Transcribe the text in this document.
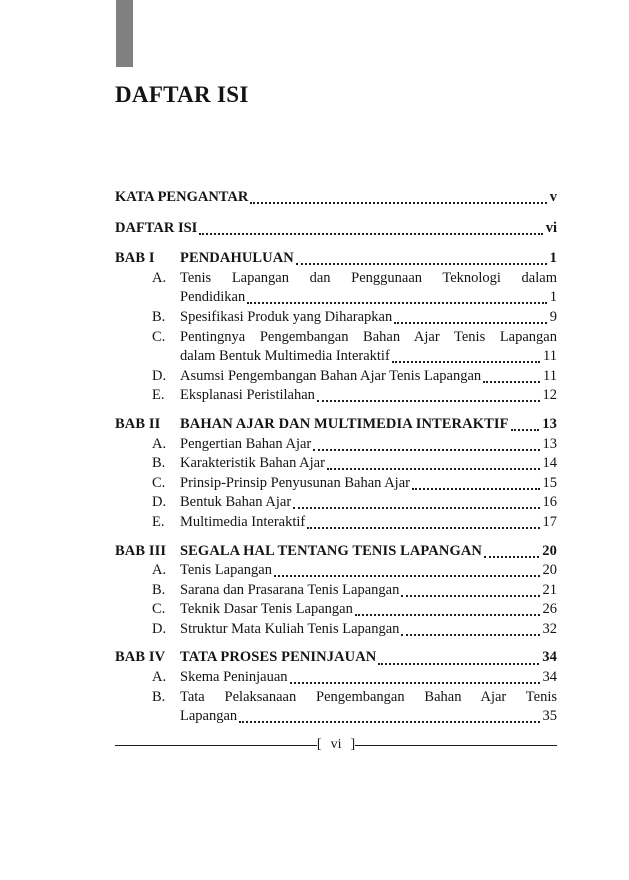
DAFTAR ISI
KATA PENGANTAR	v
DAFTAR ISI	vi
BAB I	PENDAHULUAN	1
A. Tenis Lapangan dan Penggunaan Teknologi dalam
Pendidikan	1
B.	Spesifikasi Produk yang Diharapkan	9
C.	Pentingnya Pengembangan Bahan Ajar Tenis Lapangan
dalam Bentuk Multimedia Interaktif	11
D. Asumsi Pengembangan Bahan Ajar Tenis Lapangan	11
E.	Eksplanasi Peristilahan	12
BAB II	BAHAN AJAR DAN MULTIMEDIA INTERAKTIF 13
A. Pengertian Bahan Ajar	13
B.	Karakteristik Bahan Ajar	14
C.	Prinsip-Prinsip Penyusunan Bahan Ajar	15
D. Bentuk Bahan Ajar	16
E.	Multimedia Interaktif	17
BAB III SEGALA HAL TENTANG TENIS LAPANGAN	20
A. Tenis Lapangan	20
B.	Sarana dan Prasarana Tenis Lapangan	21
C.	Teknik Dasar Tenis Lapangan	26
D. Struktur Mata Kuliah Tenis Lapangan	32
BAB IV	TATA PROSES PENINJAUAN	34
A. Skema Peninjauan	34
B.	Tata Pelaksanaan Pengembangan Bahan Ajar Tenis
Lapangan	35
[ vi ]
